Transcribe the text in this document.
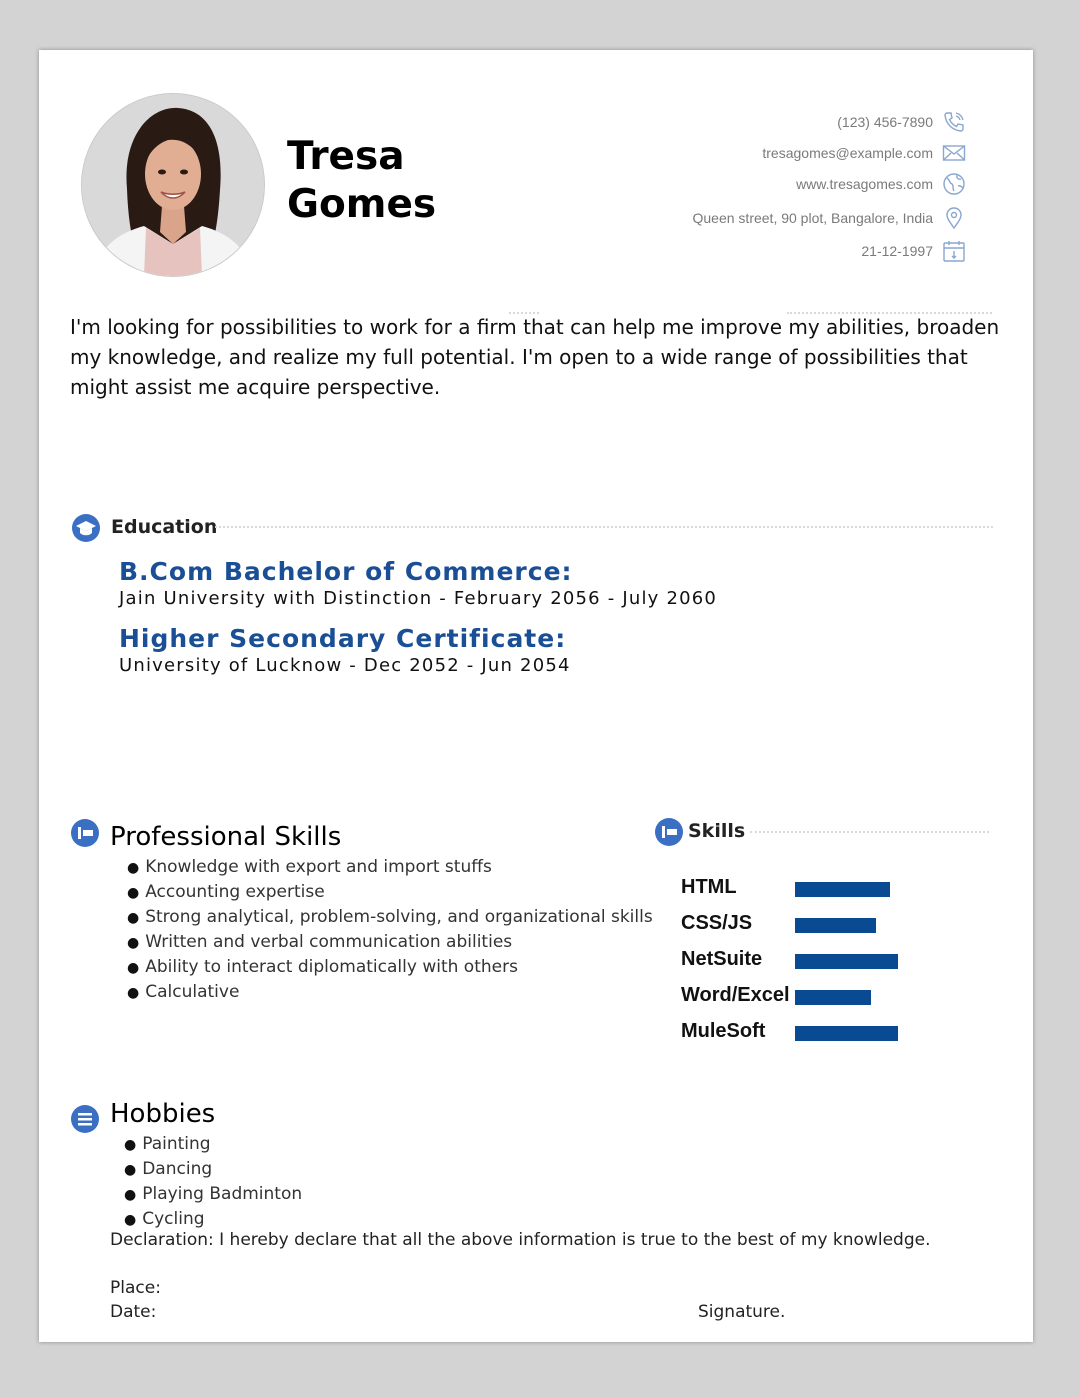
Tresa
Gomes
(123) 456-7890
tresagomes@example.com
www.tresagomes.com
Queen street, 90 plot, Bangalore, India
21-12-1997
I'm looking for possibilities to work for a firm that can help me improve my abilities, broaden my knowledge, and realize my full potential. I'm open to a wide range of possibilities that might assist me acquire perspective.
Education
B.Com Bachelor of Commerce:
Jain University with Distinction - February 2056 - July 2060
Higher Secondary Certificate:
University of Lucknow - Dec 2052 - Jun 2054
Professional Skills
● Knowledge with export and import stuffs
● Accounting expertise
● Strong analytical, problem-solving, and organizational skills
● Written and verbal communication abilities
● Ability to interact diplomatically with others
● Calculative
Skills
HTML
CSS/JS
NetSuite
Word/Excel
MuleSoft
Hobbies
● Painting
● Dancing
● Playing Badminton
● Cycling
Declaration: I hereby declare that all the above information is true to the best of my knowledge.
Place:
Date:	Signature.
